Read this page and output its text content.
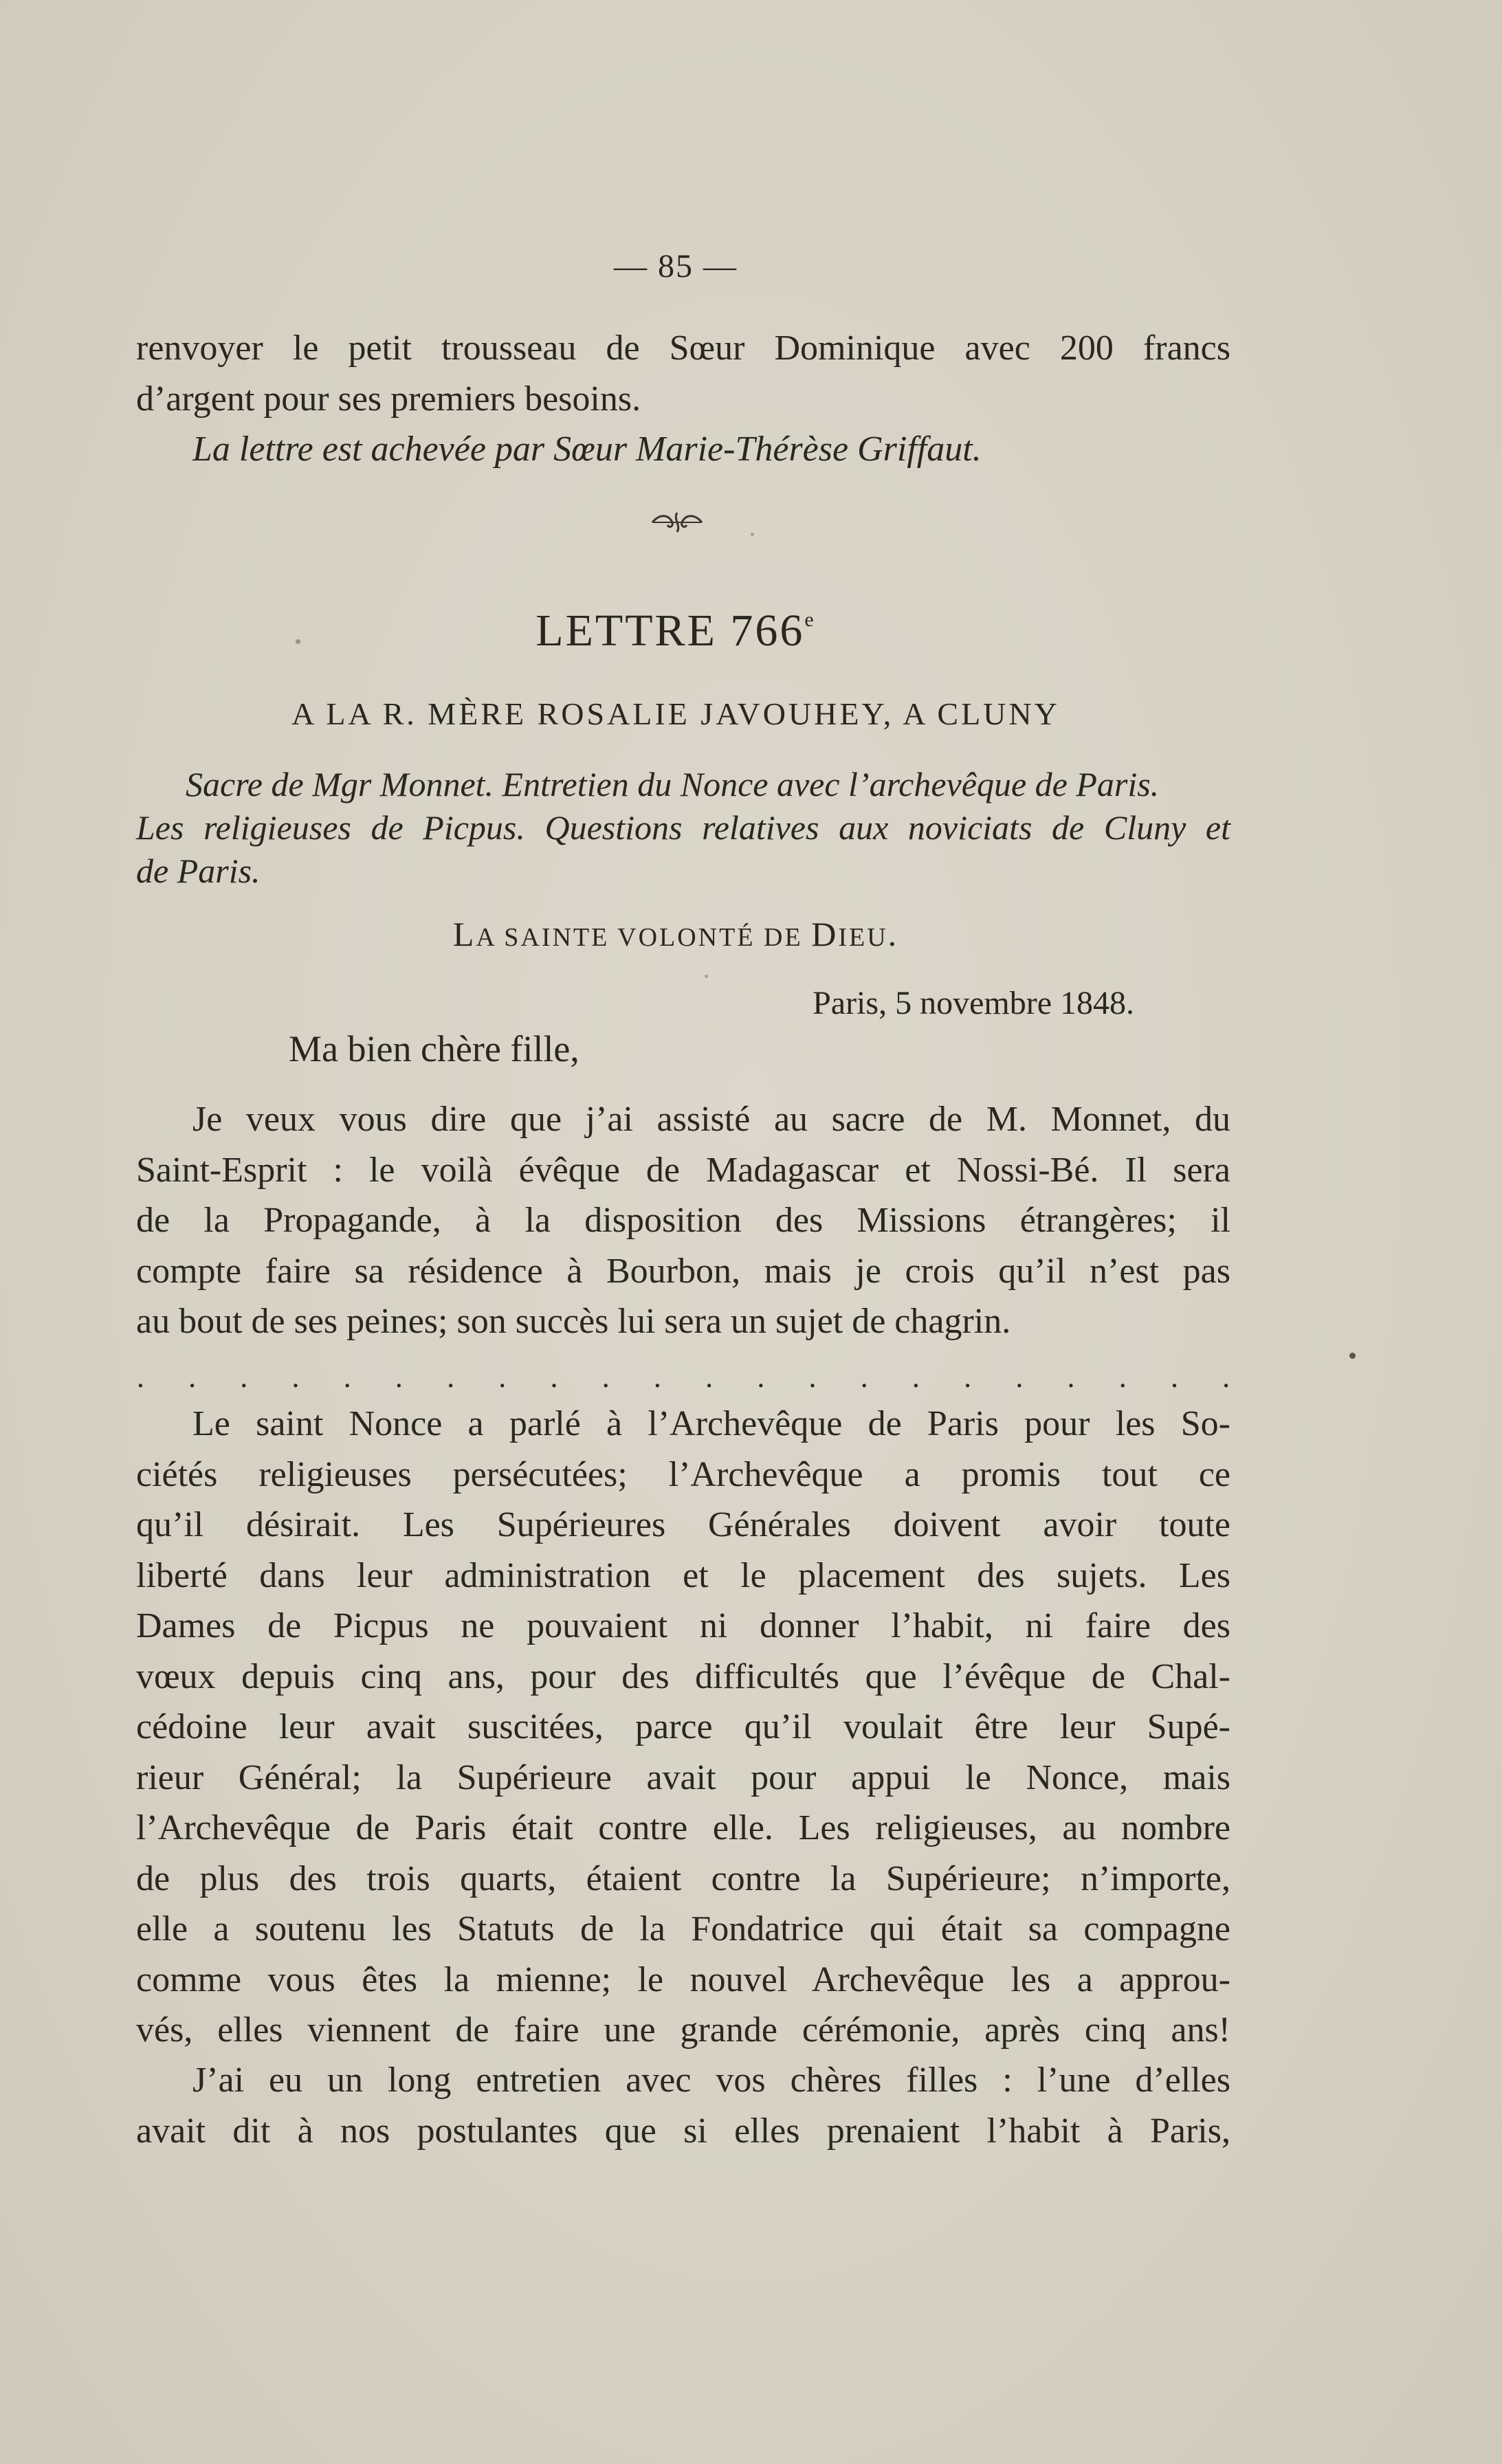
— 85 —
renvoyer le petit trousseau de Sœur Dominique avec 200 francs
d’argent pour ses premiers besoins.
La lettre est achevée par Sœur Marie-Thérèse Griffaut.
LETTRE 766e
A LA R. MÈRE ROSALIE JAVOUHEY, A CLUNY
Sacre de Mgr Monnet. Entretien du Nonce avec l’archevêque de Paris.
Les religieuses de Picpus. Questions relatives aux noviciats de Cluny et
de Paris.
LA SAINTE VOLONTÉ DE DIEU.
Paris, 5 novembre 1848.
Ma bien chère fille,
Je veux vous dire que j’ai assisté au sacre de M. Monnet, du
Saint-Esprit : le voilà évêque de Madagascar et Nossi-Bé. Il sera
de la Propagande, à la disposition des Missions étrangères; il
compte faire sa résidence à Bourbon, mais je crois qu’il n’est pas
au bout de ses peines; son succès lui sera un sujet de chagrin.
. . . . . . . . . . . . . . . . . . . . . .
Le saint Nonce a parlé à l’Archevêque de Paris pour les So-
ciétés religieuses persécutées; l’Archevêque a promis tout ce
qu’il désirait. Les Supérieures Générales doivent avoir toute
liberté dans leur administration et le placement des sujets. Les
Dames de Picpus ne pouvaient ni donner l’habit, ni faire des
vœux depuis cinq ans, pour des difficultés que l’évêque de Chal-
cédoine leur avait suscitées, parce qu’il voulait être leur Supé-
rieur Général; la Supérieure avait pour appui le Nonce, mais
l’Archevêque de Paris était contre elle. Les religieuses, au nombre
de plus des trois quarts, étaient contre la Supérieure; n’importe,
elle a soutenu les Statuts de la Fondatrice qui était sa compagne
comme vous êtes la mienne; le nouvel Archevêque les a approu-
vés, elles viennent de faire une grande cérémonie, après cinq ans!
J’ai eu un long entretien avec vos chères filles : l’une d’elles
avait dit à nos postulantes que si elles prenaient l’habit à Paris,
